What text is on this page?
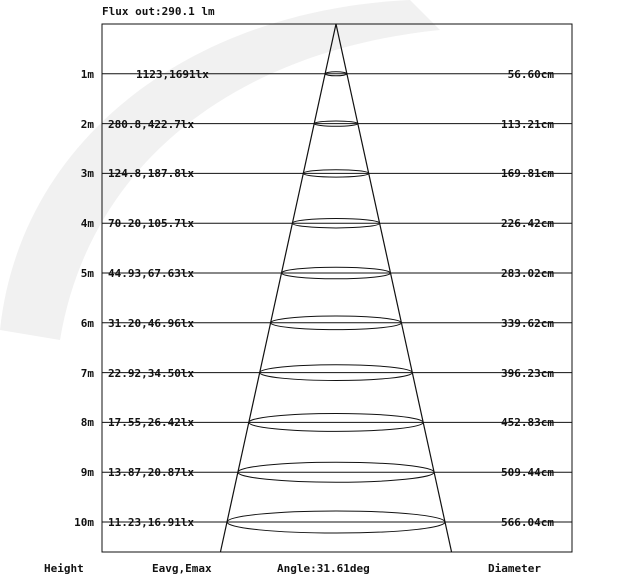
Flux out:290.1 lm
1m	1123,1691lx	56.60cm
2m 280.8,422.7lx	113.21cm
3m 124.8,187.8lx	169.81cm
4m 70.20,105.7lx	226.42cm
5m 44.93,67.63lx	283.02cm
6m 31.20,46.96lx	339.62cm
7m 22.92,34.50lx	396.23cm
8m 17.55,26.42lx	452.83cm
9m 13.87,20.87lx	509.44cm
10m 11.23,16.91lx	566.04cm
Height	Eavg,Emax	Angle:31.61deg	Diameter
